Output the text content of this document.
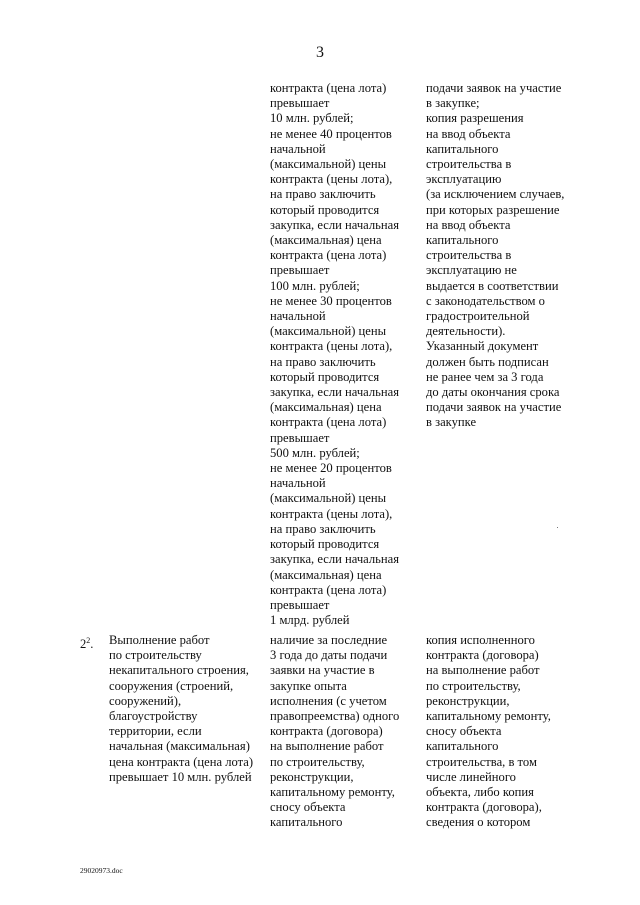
3
контракта (цена лота)
превышает
10 млн. рублей;
не менее 40 процентов
начальной
(максимальной) цены
контракта (цены лота),
на право заключить
который проводится
закупка, если начальная
(максимальная) цена
контракта (цена лота)
превышает
100 млн. рублей;
не менее 30 процентов
начальной
(максимальной) цены
контракта (цены лота),
на право заключить
который проводится
закупка, если начальная
(максимальная) цена
контракта (цена лота)
превышает
500 млн. рублей;
не менее 20 процентов
начальной
(максимальной) цены
контракта (цены лота),
на право заключить
который проводится
закупка, если начальная
(максимальная) цена
контракта (цена лота)
превышает
1 млрд. рублей
подачи заявок на участие
в закупке;
копия разрешения
на ввод объекта
капитального
строительства в
эксплуатацию
(за исключением случаев,
при которых разрешение
на ввод объекта
капитального
строительства в
эксплуатацию не
выдается в соответствии
с законодательством о
градостроительной
деятельности).
Указанный документ
должен быть подписан
не ранее чем за 3 года
до даты окончания срока
подачи заявок на участие
в закупке
$2^2$. Выполнение работ
по строительству
некапитального строения,
сооружения (строений,
сооружений),
благоустройству
территории, если
начальная (максимальная)
цена контракта (цена лота)
превышает 10 млн. рублей
наличие за последние
3 года до даты подачи
заявки на участие в
закупке опыта
исполнения (с учетом
правопреемства) одного
контракта (договора)
на выполнение работ
по строительству,
реконструкции,
капитальному ремонту,
сносу объекта
капитального
копия исполненного
контракта (договора)
на выполнение работ
по строительству,
реконструкции,
капитальному ремонту,
сносу объекта
капитального
строительства, в том
числе линейного
объекта, либо копия
контракта (договора),
сведения о котором
29020973.doc
